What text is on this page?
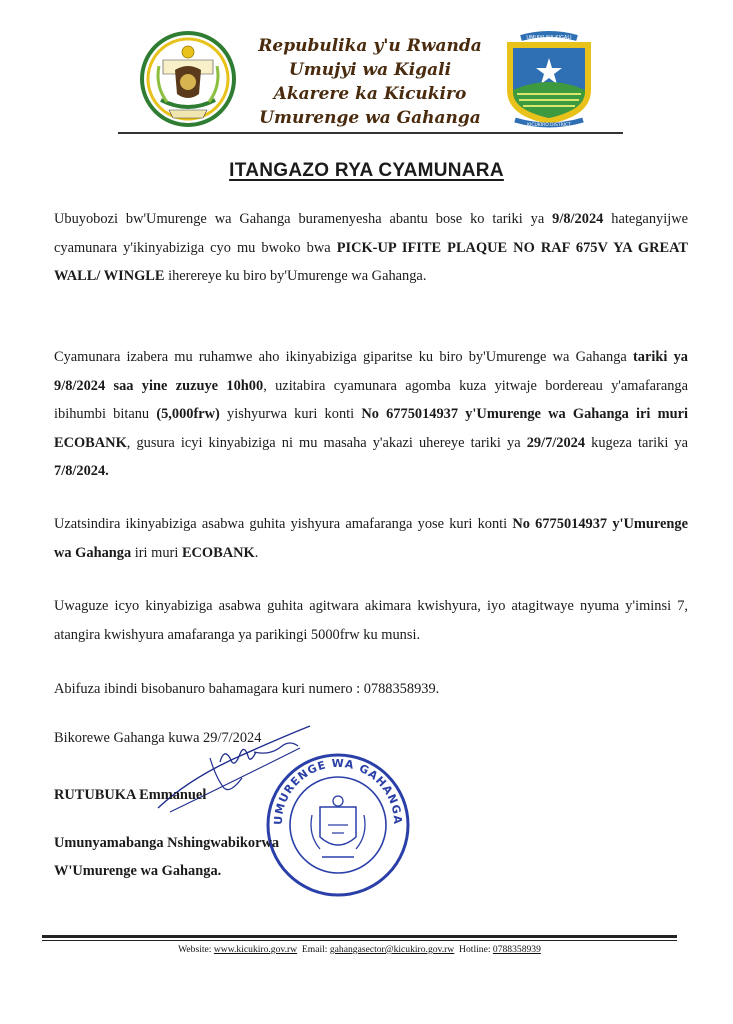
Repubulika y'u Rwanda
Umujyi wa Kigali
Akarere ka Kicukiro
Umurenge wa Gahanga
UMUJYI WA KIGALI
KICUKIRO DISTRICT
ITANGAZO RYA CYAMUNARA
Ubuyobozi bw'Umurenge wa Gahanga buramenyesha abantu bose ko tariki ya 9/8/2024 hateganyijwe cyamunara y'ikinyabiziga cyo mu bwoko bwa PICK-UP IFITE PLAQUE NO RAF 675V YA GREAT WALL/ WINGLE iherereye ku biro by'Umurenge wa Gahanga.
Cyamunara izabera mu ruhamwe aho ikinyabiziga giparitse ku biro by'Umurenge wa Gahanga tariki ya 9/8/2024 saa yine zuzuye 10h00, uzitabira cyamunara agomba kuza yitwaje bordereau y'amafaranga ibihumbi bitanu (5,000frw) yishyurwa kuri konti No 6775014937 y'Umurenge wa Gahanga iri muri ECOBANK, gusura icyi kinyabiziga ni mu masaha y'akazi uhereye tariki ya 29/7/2024 kugeza tariki ya 7/8/2024.
Uzatsindira ikinyabiziga asabwa guhita yishyura amafaranga yose kuri konti No 6775014937 y'Umurenge wa Gahanga iri muri ECOBANK.
Uwaguze icyo kinyabiziga asabwa guhita agitwara akimara kwishyura, iyo atagitwaye nyuma y'iminsi 7, atangira kwishyura amafaranga ya parikingi 5000frw ku munsi.
Abifuza ibindi bisobanuro bahamagara kuri numero : 0788358939.
Bikorewe Gahanga kuwa 29/7/2024
UMURENGE WA GAHANGA
RUTUBUKA Emmanuel
Umunyamabanga Nshingwabikorwa
W'Umurenge wa Gahanga.
Website: www.kicukiro.gov.rw Email: gahangasector@kicukiro.gov.rw Hotline: 0788358939
